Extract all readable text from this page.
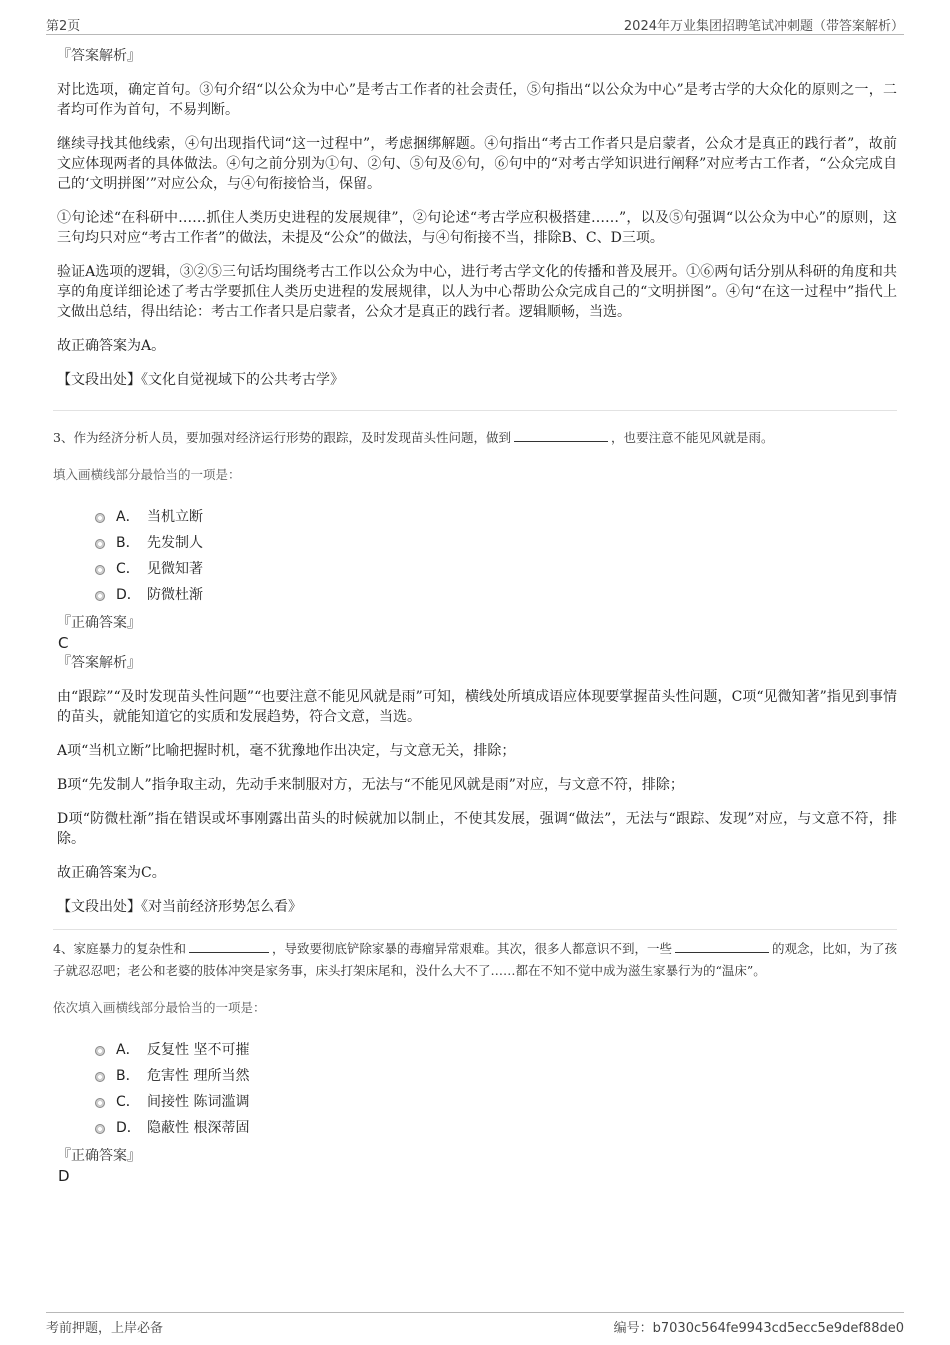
第2页	2024年万业集团招聘笔试冲刺题（带答案解析）

『答案解析』

对比选项，确定首句。③句介绍“以公众为中心”是考古工作者的社会责任，⑤句指出“以公众为中心”是考古学的大众化的原则之一，二者均可作为首句，不易判断。

继续寻找其他线索，④句出现指代词“这一过程中”，考虑捆绑解题。④句指出“考古工作者只是启蒙者，公众才是真正的践行者”，故前文应体现两者的具体做法。④句之前分别为①句、②句、⑤句及⑥句，⑥句中的“对考古学知识进行阐释”对应考古工作者，“公众完成自己的‘文明拼图’”对应公众，与④句衔接恰当，保留。

①句论述“在科研中……抓住人类历史进程的发展规律”，②句论述“考古学应积极搭建……”，以及⑤句强调“以公众为中心”的原则，这三句均只对应“考古工作者”的做法，未提及“公众”的做法，与④句衔接不当，排除B、C、D三项。

验证A选项的逻辑，③②⑤三句话均围绕考古工作以公众为中心，进行考古学文化的传播和普及展开。①⑥两句话分别从科研的角度和共享的角度详细论述了考古学要抓住人类历史进程的发展规律，以人为中心帮助公众完成自己的“文明拼图”。④句“在这一过程中”指代上文做出总结，得出结论：考古工作者只是启蒙者，公众才是真正的践行者。逻辑顺畅，当选。

故正确答案为A。

【文段出处】《文化自觉视域下的公共考古学》

3、作为经济分析人员，要加强对经济运行形势的跟踪，及时发现苗头性问题，做到	，也要注意不能见风就是雨。

填入画横线部分最恰当的一项是：

A． 当机立断
B． 先发制人
C． 见微知著
D． 防微杜渐

『正确答案』

C

『答案解析』

由“跟踪”“及时发现苗头性问题”“也要注意不能见风就是雨”可知，横线处所填成语应体现要掌握苗头性问题，C项“见微知著”指见到事情的苗头，就能知道它的实质和发展趋势，符合文意，当选。

A项“当机立断”比喻把握时机，毫不犹豫地作出决定，与文意无关，排除；

B项“先发制人”指争取主动，先动手来制服对方，无法与“不能见风就是雨”对应，与文意不符，排除；

D项“防微杜渐”指在错误或坏事刚露出苗头的时候就加以制止，不使其发展，强调“做法”，无法与“跟踪、发现”对应，与文意不符，排除。

故正确答案为C。

【文段出处】《对当前经济形势怎么看》

4、家庭暴力的复杂性和	，导致要彻底铲除家暴的毒瘤异常艰难。其次，很多人都意识不到，一些	的观念，比如，为了孩子就忍忍吧；老公和老婆的肢体冲突是家务事，床头打架床尾和，没什么大不了……都在不知不觉中成为滋生家暴行为的“温床”。

依次填入画横线部分最恰当的一项是：

A． 反复性 坚不可摧
B． 危害性 理所当然
C． 间接性 陈词滥调
D． 隐蔽性 根深蒂固

『正确答案』

D

考前押题，上岸必备	编号：b7030c564fe9943cd5ecc5e9def88de0
